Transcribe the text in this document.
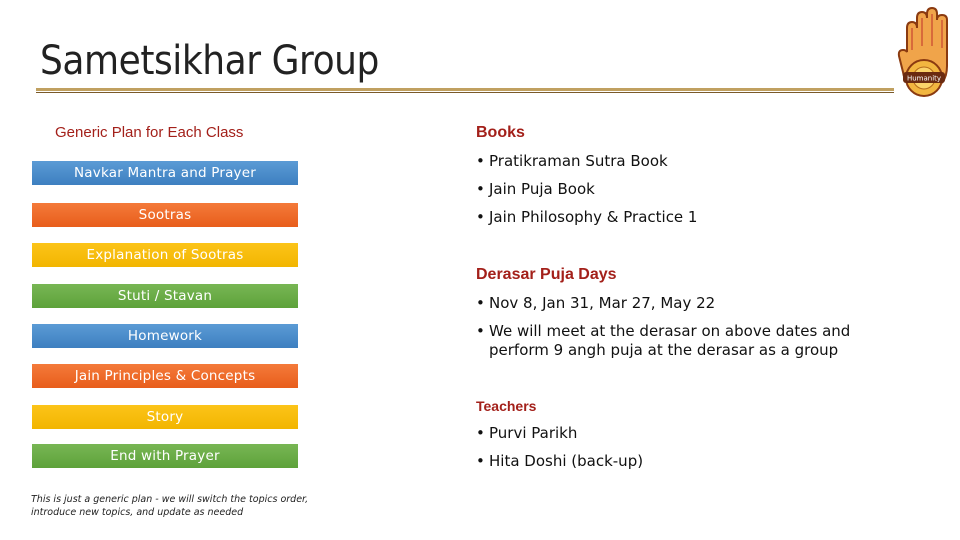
Sametsikhar Group	Humanity
Generic Plan for Each Class
Navkar Mantra and Prayer
Sootras
Explanation of Sootras
Stuti / Stavan
Homework
Jain Principles & Concepts
Story
End with Prayer
This is just a generic plan - we will switch the topics order, introduce new topics, and update as needed
Books
• Pratikraman Sutra Book
• Jain Puja Book
• Jain Philosophy & Practice 1
Derasar Puja Days
• Nov 8, Jan 31, Mar 27, May 22
• We will meet at the derasar on above dates and perform 9 angh puja at the derasar as a group
Teachers
• Purvi Parikh
• Hita Doshi (back-up)
